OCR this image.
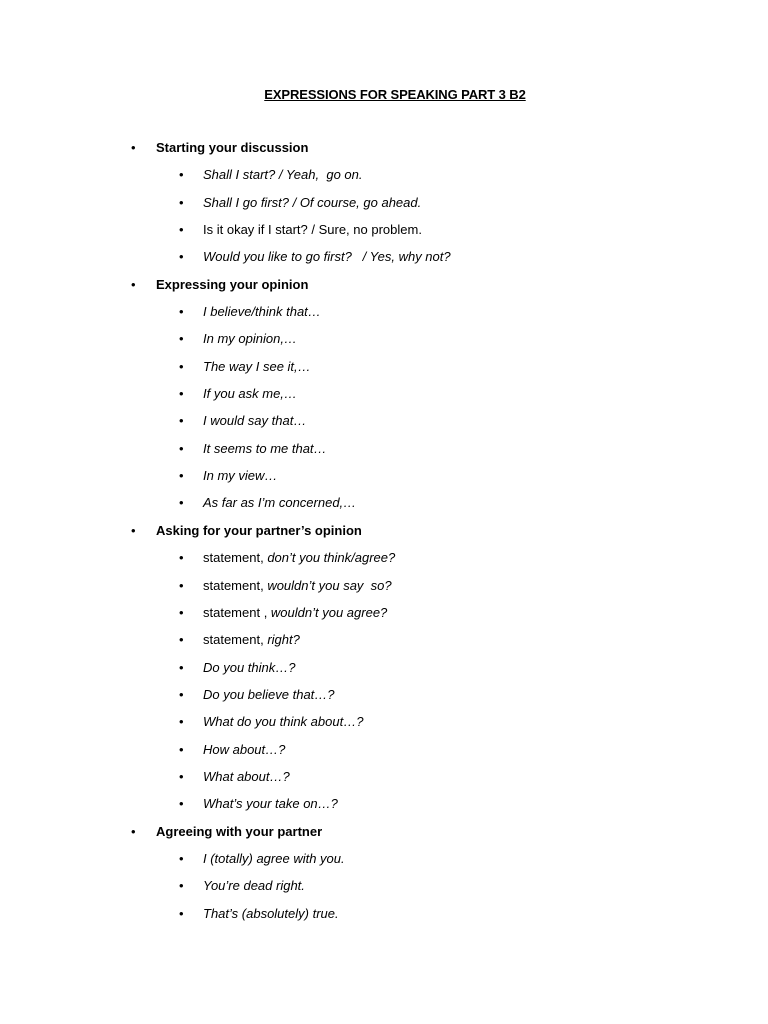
EXPRESSIONS FOR SPEAKING PART 3 B2
• Starting your discussion
• Shall I start? / Yeah,  go on.
• Shall I go first? / Of course, go ahead.
• Is it okay if I start? / Sure, no problem.
• Would you like to go first?   / Yes, why not?
• Expressing your opinion
• I believe/think that…
• In my opinion,…
• The way I see it,…
• If you ask me,…
• I would say that…
• It seems to me that…
• In my view…
• As far as I’m concerned,…
• Asking for your partner’s opinion
• statement, don’t you think/agree?
• statement, wouldn’t you say  so?
• statement , wouldn’t you agree?
• statement, right?
• Do you think…?
• Do you believe that…?
• What do you think about…?
• How about…?
• What about…?
• What’s your take on…?
• Agreeing with your partner
• I (totally) agree with you.
• You’re dead right.
• That’s (absolutely) true.
